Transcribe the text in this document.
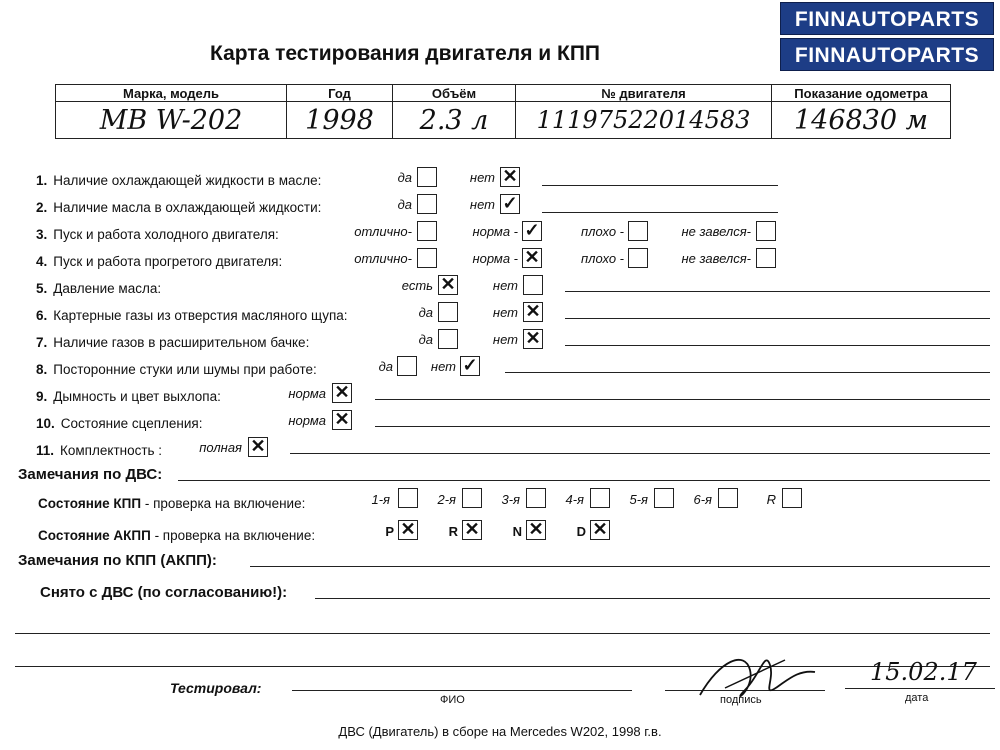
Карта тестирования двигателя и КПП
FINNAUTOPARTS
FINNAUTOPARTS
Марка, модель	Год	Объём	№ двигателя	Показание одометра
MB W-202	1998	2.3 л	11197522014583	146830 м
1. Наличие охлаждающей жидкости в масле:	да	нет ✕
2. Наличие масла в охлаждающей жидкости:	да	нет ✓
3. Пуск и работа холодного двигателя:	отлично-	норма - ✓	плохо -	не завелся-
4. Пуск и работа прогретого двигателя:	отлично-	норма - ✕	плохо -	не завелся-
5. Давление масла:	есть ✕	нет
6. Картерные газы из отверстия масляного щупа:	да	нет ✕
7. Наличие газов в расширительном бачке:	да	нет ✕
8. Посторонние стуки или шумы при работе:	да	нет ✓
9. Дымность и цвет выхлопа:	норма ✕
10. Состояние сцепления:	норма ✕
11. Комплектность :	полная ✕
Замечания по ДВС:
Состояние КПП - проверка на включение:	1-я	2-я	3-я	4-я	5-я	6-я	R
Состояние АКПП - проверка на включение:	P ✕	R ✕	N ✕	D ✕
Замечания по КПП (АКПП):
Снято с ДВС (по согласованию!):
Тестировал:
ФИО	подпись
15.02.17
дата
ДВС (Двигатель) в сборе на Mercedes W202, 1998 г.в.
